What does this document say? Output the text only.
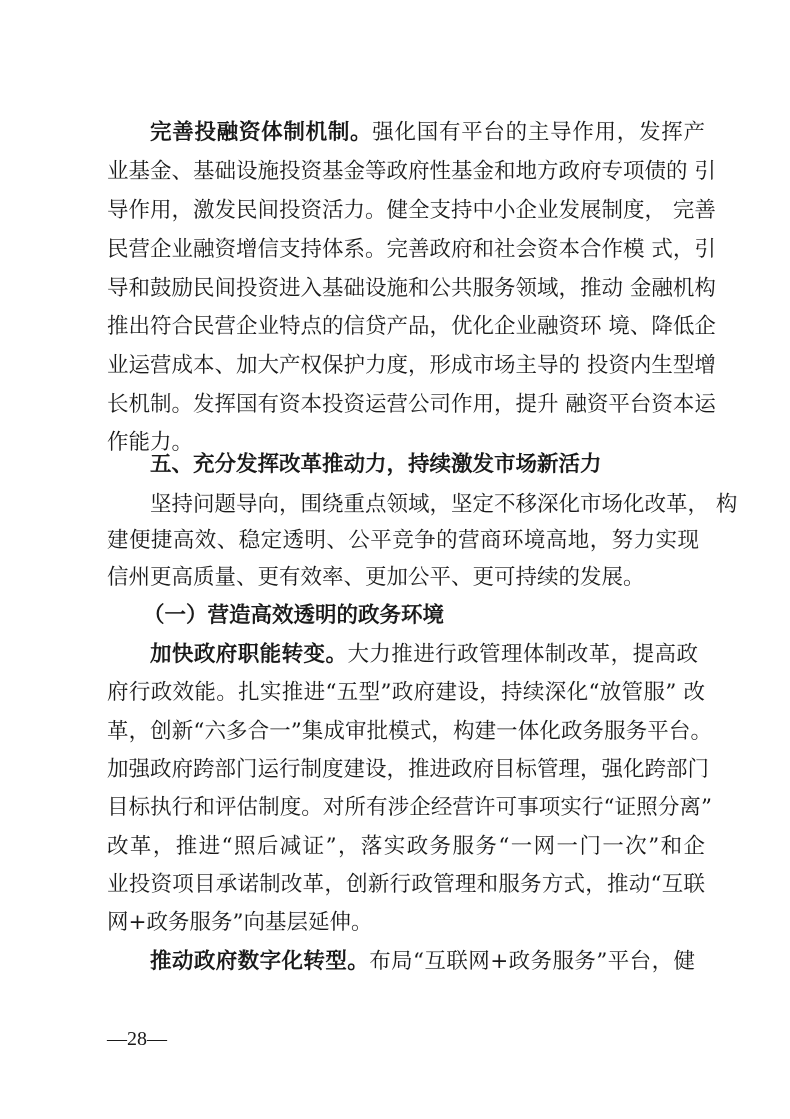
完善投融资体制机制。强化国有平台的主导作用，发挥产
业基金、基础设施投资基金等政府性基金和地方政府专项债的 引
导作用，激发民间投资活力。健全支持中小企业发展制度， 完善
民营企业融资增信支持体系。完善政府和社会资本合作模 式，引
导和鼓励民间投资进入基础设施和公共服务领域，推动 金融机构
推出符合民营企业特点的信贷产品，优化企业融资环 境、降低企
业运营成本、加大产权保护力度，形成市场主导的 投资内生型增
长机制。发挥国有资本投资运营公司作用，提升 融资平台资本运
作能力。
五、充分发挥改革推动力，持续激发市场新活力
坚持问题导向，围绕重点领域，坚定不移深化市场化改革， 构
建便捷高效、稳定透明、公平竞争的营商环境高地，努力实现
信州更高质量、更有效率、更加公平、更可持续的发展。
（一）营造高效透明的政务环境
加快政府职能转变。大力推进行政管理体制改革，提高政
府行政效能。扎实推进“五型”政府建设，持续深化“放管服” 改
革，创新“六多合一”集成审批模式，构建一体化政务服务平台。
加强政府跨部门运行制度建设，推进政府目标管理，强化跨部门
目标执行和评估制度。对所有涉企经营许可事项实行“证照分离”
改革，推进“照后减证”，落实政务服务“一网一门一次”和企
业投资项目承诺制改革，创新行政管理和服务方式，推动“互联
网+政务服务”向基层延伸。
推动政府数字化转型。布局“互联网+政务服务”平台，健
—28—
